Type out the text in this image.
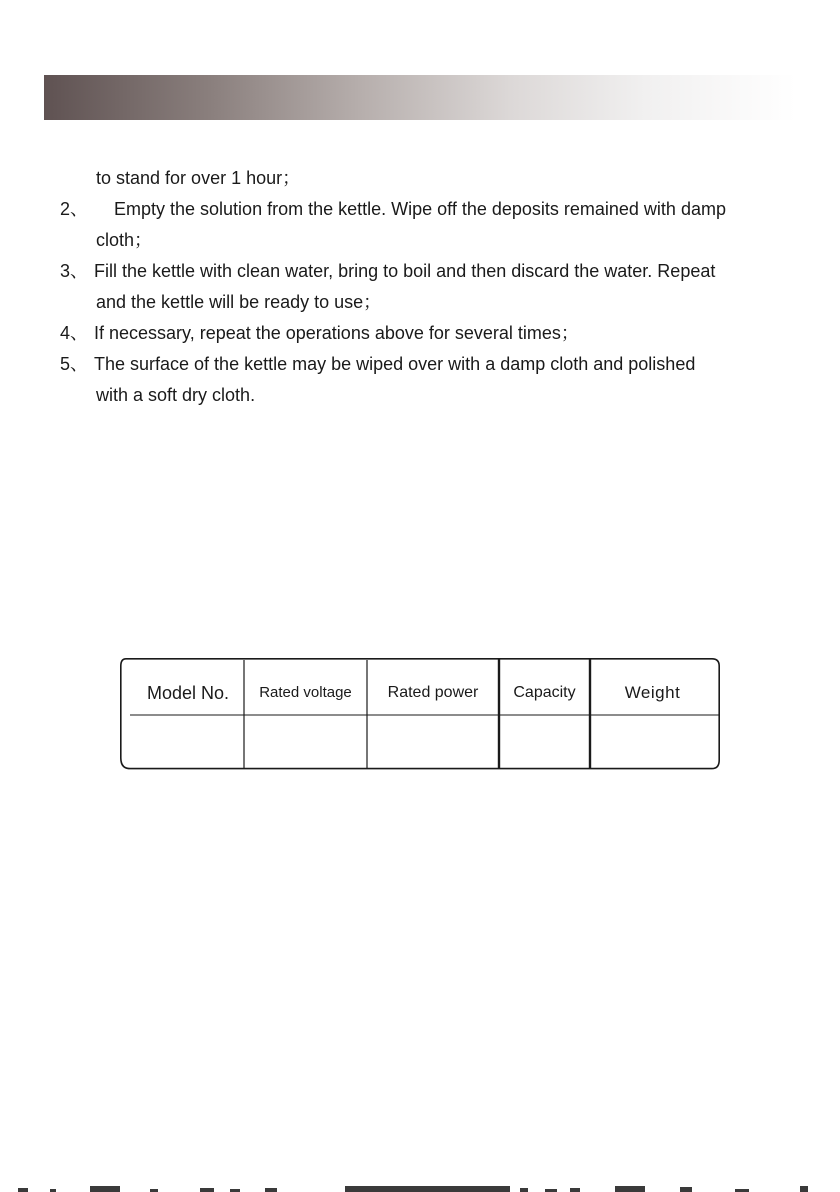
to stand for over 1 hour；
2、 Empty the solution from the kettle. Wipe off the deposits remained with damp
cloth；
3、 Fill the kettle with clean water, bring to boil and then discard the water. Repeat
and the kettle will be ready to use；
4、 If necessary, repeat the operations above for several times；
5、 The surface of the kettle may be wiped over with a damp cloth and polished
with a soft dry cloth.
Model No.	Rated voltage	Rated power	Capacity	Weight
